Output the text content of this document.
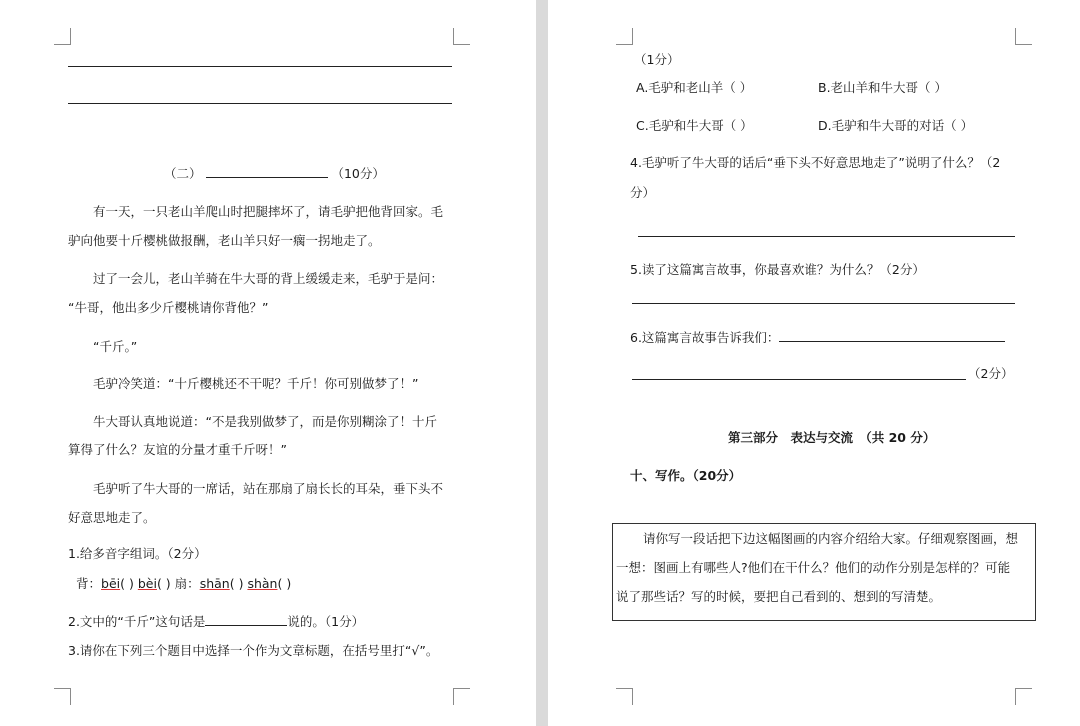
（二）	（10分）
有一天，一只老山羊爬山时把腿摔坏了，请毛驴把他背回家。毛
驴向他要十斤樱桃做报酬，老山羊只好一瘸一拐地走了。
过了一会儿，老山羊骑在牛大哥的背上缓缓走来，毛驴于是问：
“牛哥，他出多少斤樱桃请你背他？”
“千斤。”
毛驴冷笑道：“十斤樱桃还不干呢？千斤！你可别做梦了！”
牛大哥认真地说道：“不是我别做梦了，而是你别糊涂了！十斤
算得了什么？友谊的分量才重千斤呀！”
毛驴听了牛大哥的一席话，站在那扇了扇长长的耳朵，垂下头不
好意思地走了。
1.给多音字组词。（2分）
背：bēi( ) bèi( ) 扇：shān( ) shàn( )
2.文中的“千斤”这句话是	说的。（1分）
3.请你在下列三个题目中选择一个作为文章标题，在括号里打“√”。
（1分）
A.毛驴和老山羊（ ）	B.老山羊和牛大哥（ ）
C.毛驴和牛大哥（ ）	D.毛驴和牛大哥的对话（ ）
4.毛驴听了牛大哥的话后“垂下头不好意思地走了”说明了什么？（2
分）
5.读了这篇寓言故事，你最喜欢谁？为什么？（2分）
6.这篇寓言故事告诉我们：
（2分）
第三部分　表达与交流　（共 20 分）
十、写作。（20分）
请你写一段话把下边这幅图画的内容介绍给大家。仔细观察图画，想
一想：图画上有哪些人?他们在干什么？他们的动作分别是怎样的？可能
说了那些话？写的时候，要把自己看到的、想到的写清楚。
